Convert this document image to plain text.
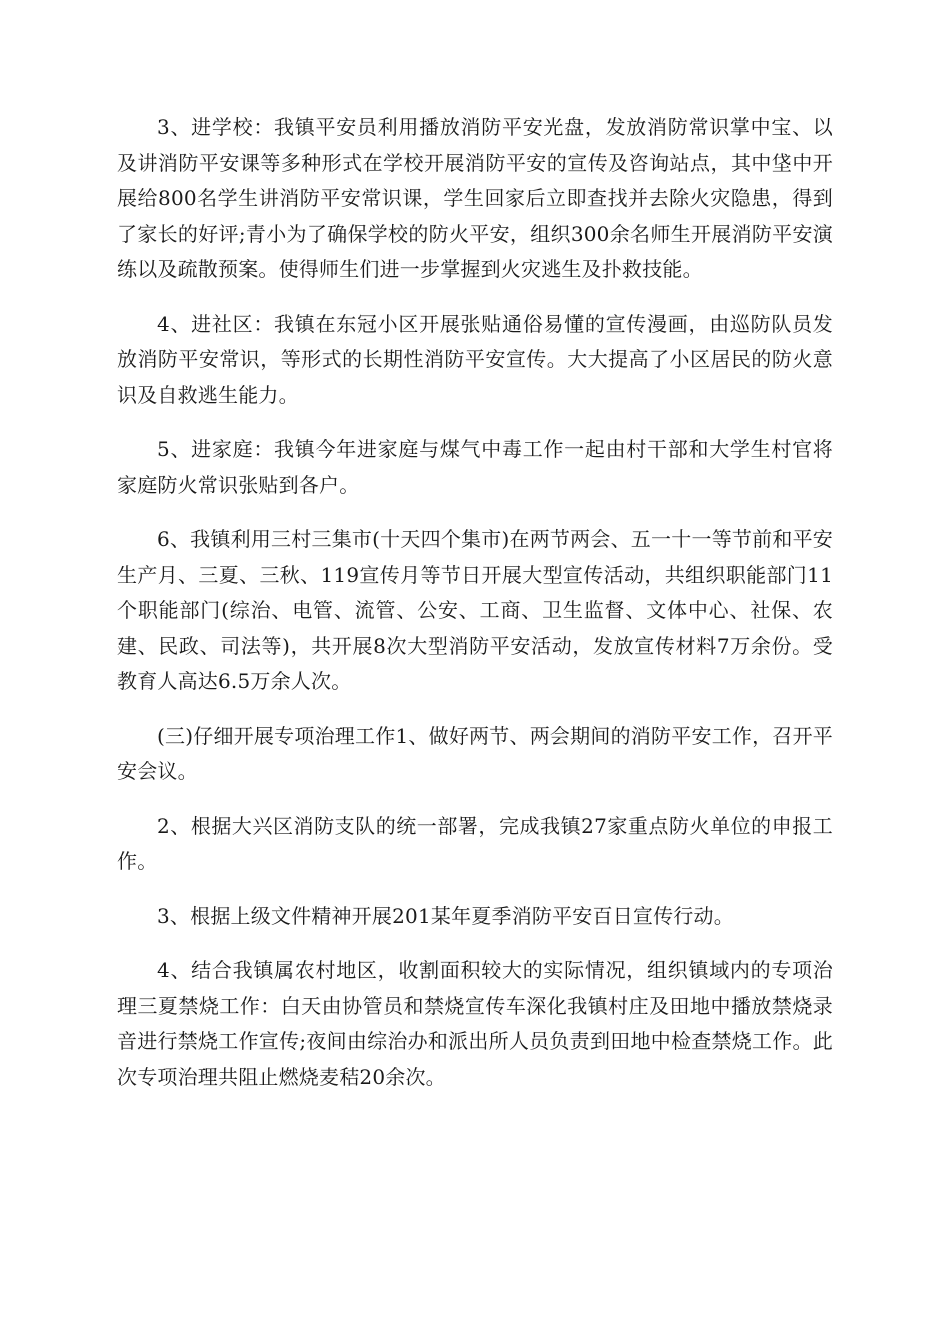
3、进学校：我镇平安员利用播放消防平安光盘，发放消防常识掌中宝、以及讲消防平安课等多种形式在学校开展消防平安的宣传及咨询站点，其中垡中开展给800名学生讲消防平安常识课，学生回家后立即查找并去除火灾隐患，得到了家长的好评;青小为了确保学校的防火平安，组织300余名师生开展消防平安演练以及疏散预案。使得师生们进一步掌握到火灾逃生及扑救技能。

4、进社区：我镇在东冠小区开展张贴通俗易懂的宣传漫画，由巡防队员发放消防平安常识，等形式的长期性消防平安宣传。大大提高了小区居民的防火意识及自救逃生能力。

5、进家庭：我镇今年进家庭与煤气中毒工作一起由村干部和大学生村官将家庭防火常识张贴到各户。

6、我镇利用三村三集市(十天四个集市)在两节两会、五一十一等节前和平安生产月、三夏、三秋、119宣传月等节日开展大型宣传活动，共组织职能部门11个职能部门(综治、电管、流管、公安、工商、卫生监督、文体中心、社保、农建、民政、司法等)，共开展8次大型消防平安活动，发放宣传材料7万余份。受教育人高达6.5万余人次。

(三)仔细开展专项治理工作1、做好两节、两会期间的消防平安工作，召开平安会议。

2、根据大兴区消防支队的统一部署，完成我镇27家重点防火单位的申报工作。

3、根据上级文件精神开展201某年夏季消防平安百日宣传行动。

4、结合我镇属农村地区，收割面积较大的实际情况，组织镇域内的专项治理三夏禁烧工作：白天由协管员和禁烧宣传车深化我镇村庄及田地中播放禁烧录音进行禁烧工作宣传;夜间由综治办和派出所人员负责到田地中检查禁烧工作。此次专项治理共阻止燃烧麦秸20余次。
